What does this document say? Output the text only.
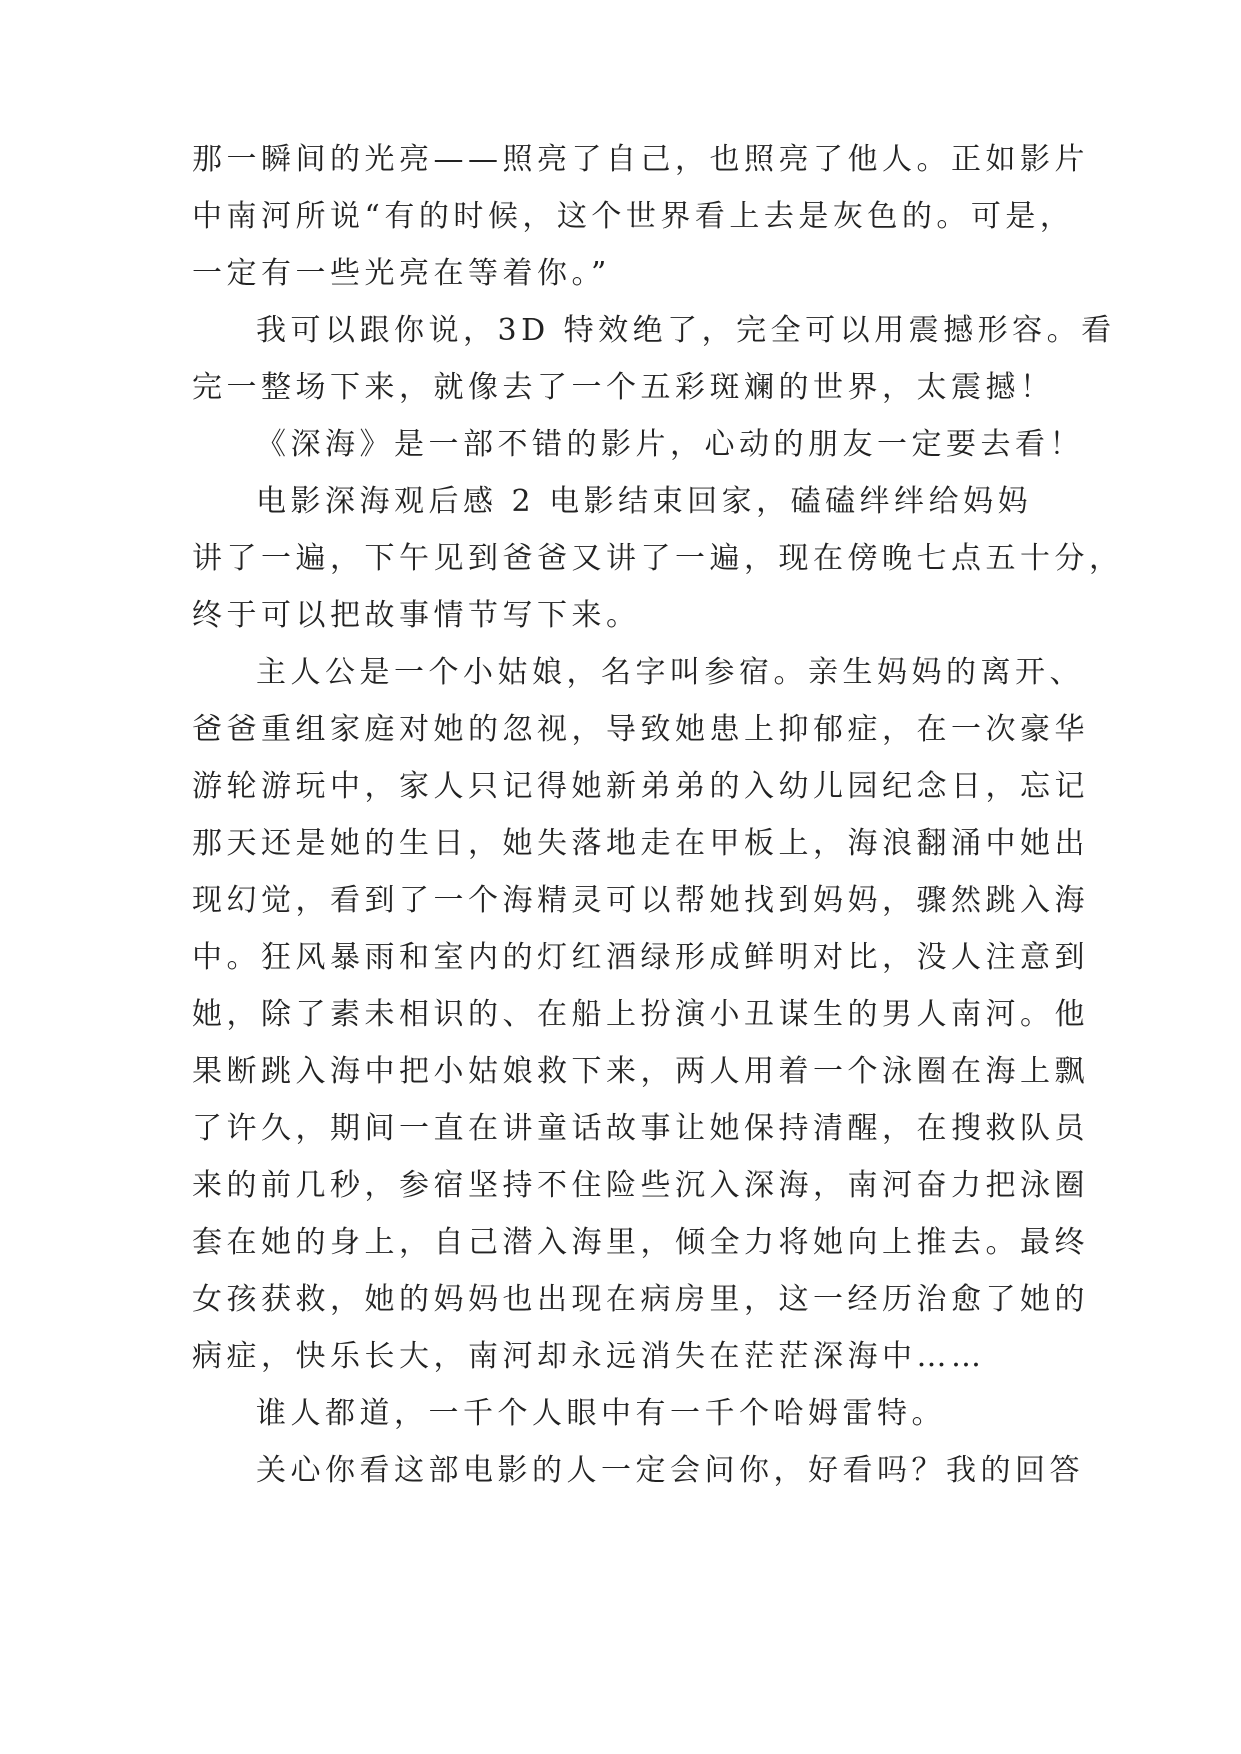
那一瞬间的光亮——照亮了自己，也照亮了他人。正如影片
中南河所说“有的时候，这个世界看上去是灰色的。可是，
一定有一些光亮在等着你。”
我可以跟你说，3D 特效绝了，完全可以用震撼形容。看
完一整场下来，就像去了一个五彩斑斓的世界，太震撼！
《深海》是一部不错的影片，心动的朋友一定要去看！
电影深海观后感 2 电影结束回家，磕磕绊绊给妈妈
讲了一遍，下午见到爸爸又讲了一遍，现在傍晚七点五十分，
终于可以把故事情节写下来。
主人公是一个小姑娘，名字叫参宿。亲生妈妈的离开、
爸爸重组家庭对她的忽视，导致她患上抑郁症，在一次豪华
游轮游玩中，家人只记得她新弟弟的入幼儿园纪念日，忘记
那天还是她的生日，她失落地走在甲板上，海浪翻涌中她出
现幻觉，看到了一个海精灵可以帮她找到妈妈，骤然跳入海
中。狂风暴雨和室内的灯红酒绿形成鲜明对比，没人注意到
她，除了素未相识的、在船上扮演小丑谋生的男人南河。他
果断跳入海中把小姑娘救下来，两人用着一个泳圈在海上飘
了许久，期间一直在讲童话故事让她保持清醒，在搜救队员
来的前几秒，参宿坚持不住险些沉入深海，南河奋力把泳圈
套在她的身上，自己潜入海里，倾全力将她向上推去。最终
女孩获救，她的妈妈也出现在病房里，这一经历治愈了她的
病症，快乐长大，南河却永远消失在茫茫深海中……
谁人都道，一千个人眼中有一千个哈姆雷特。
关心你看这部电影的人一定会问你，好看吗？我的回答
